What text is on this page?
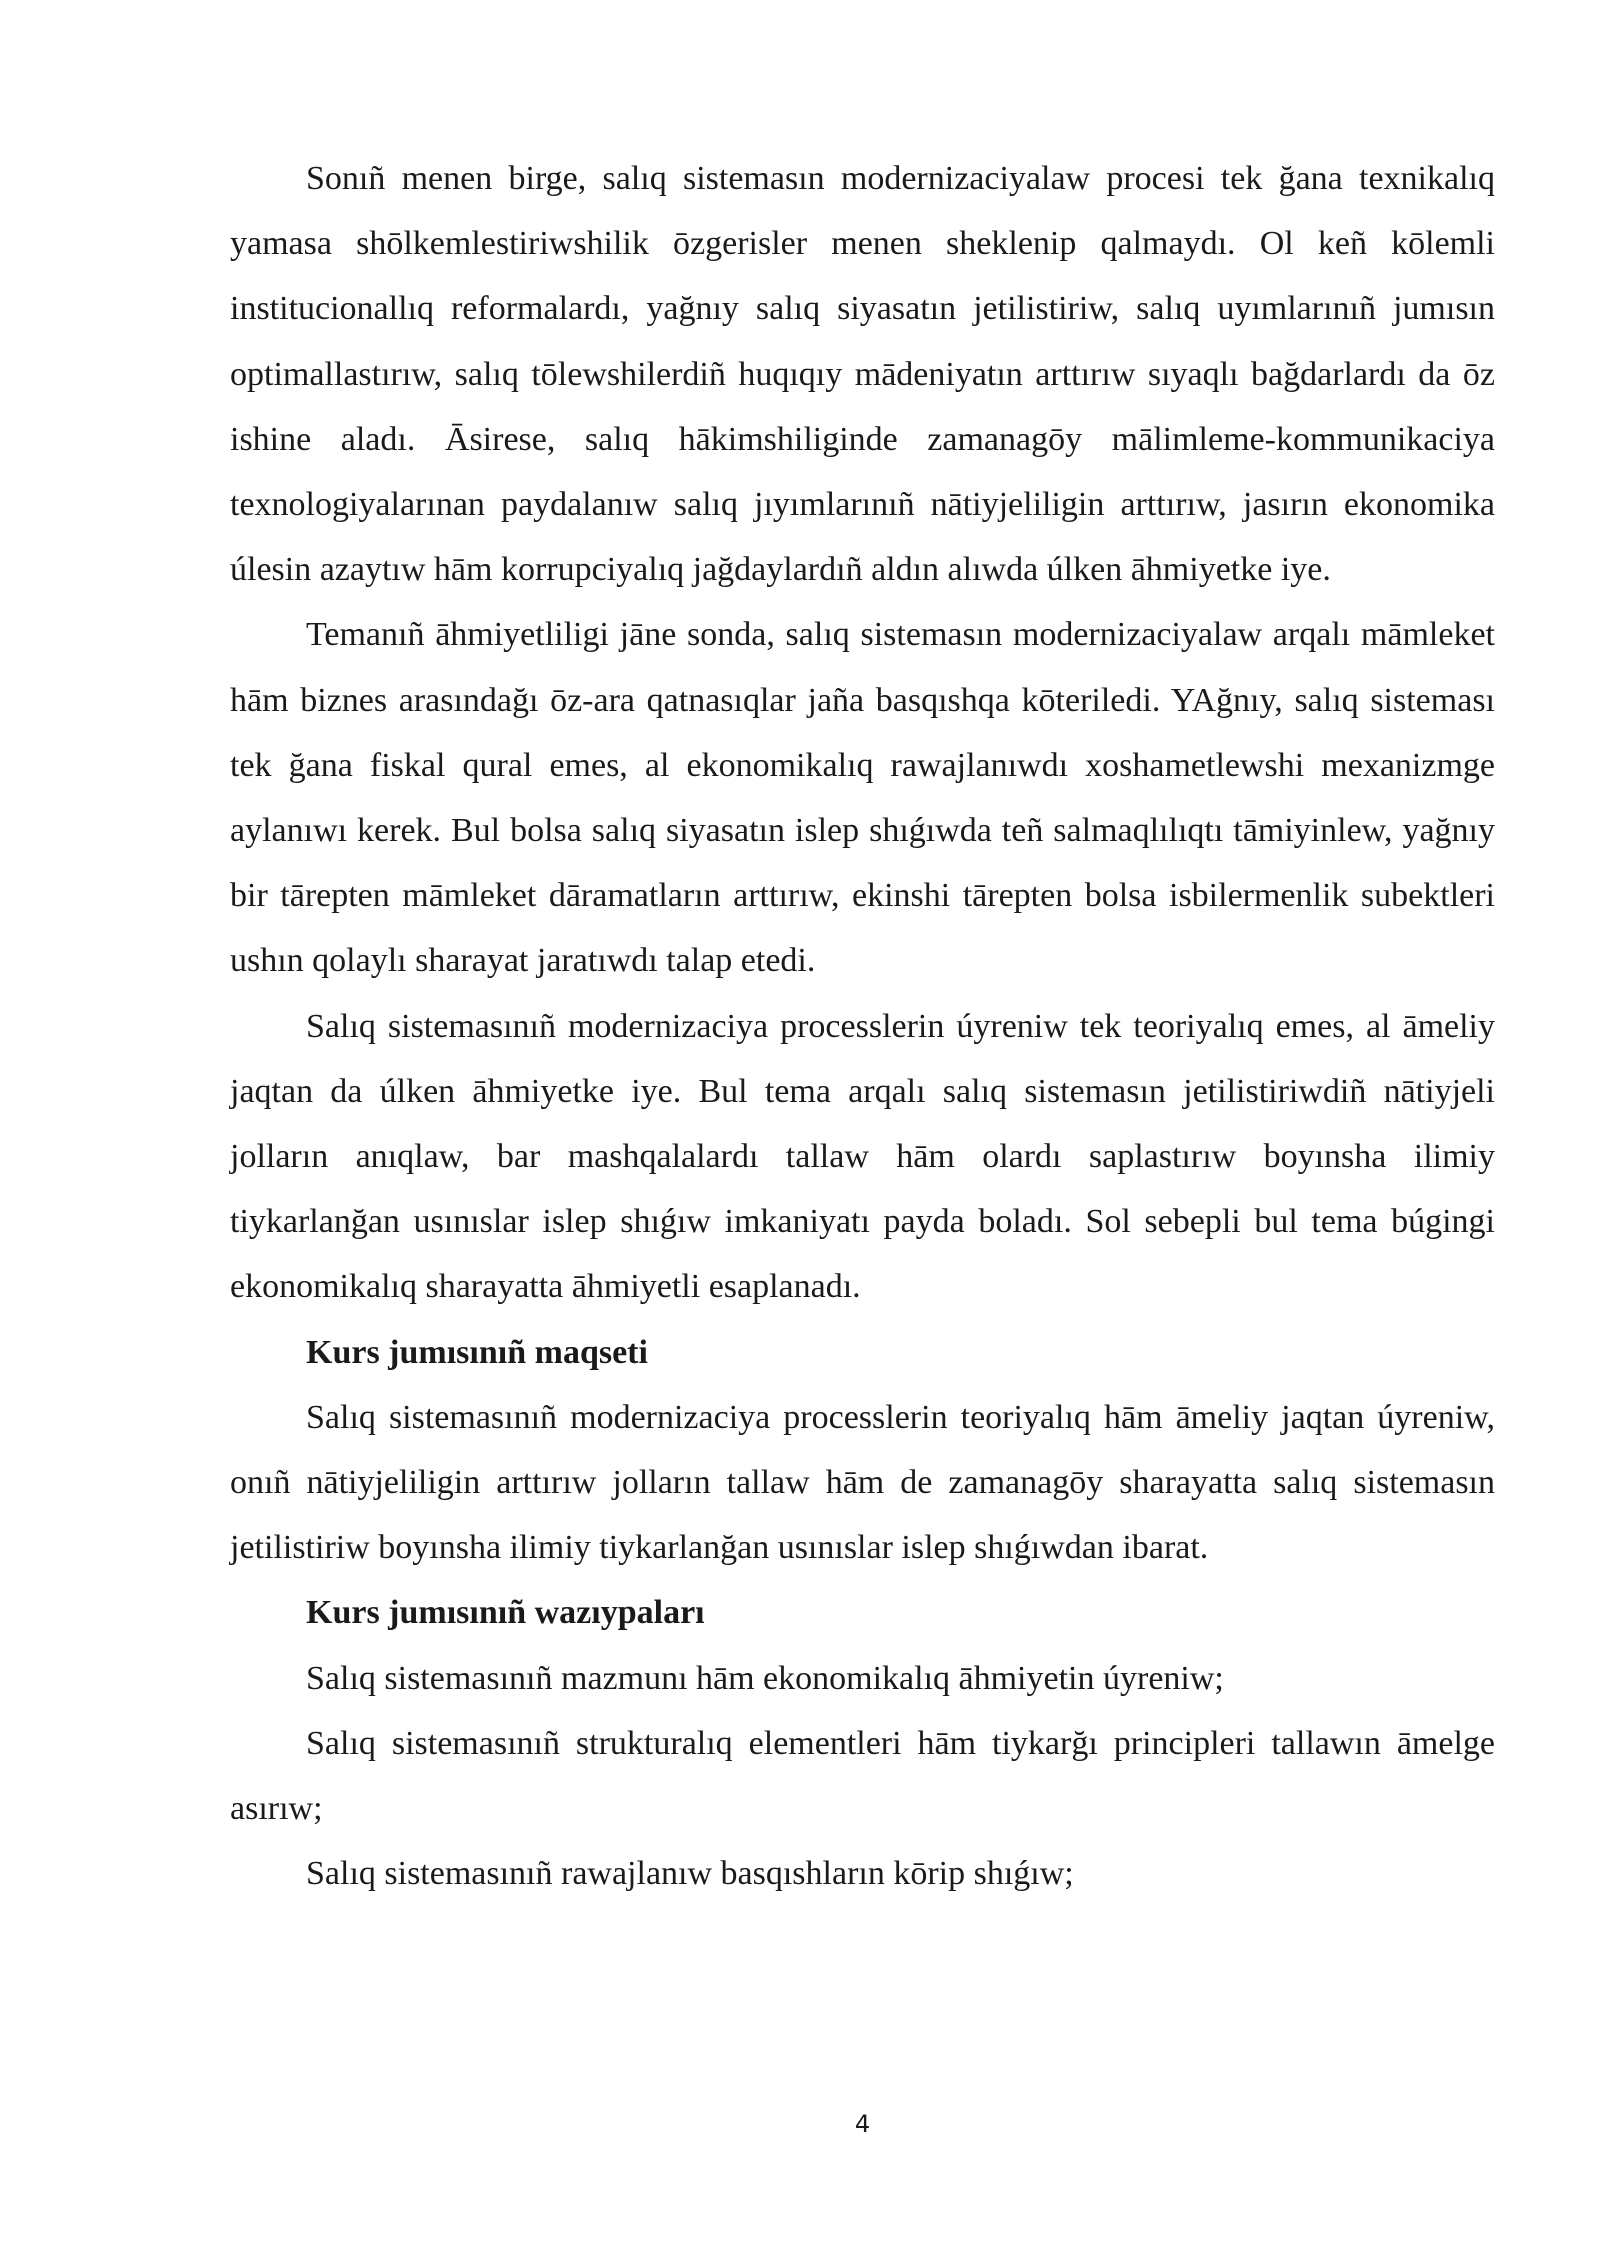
Sonıñ menen birge, salıq sistemasın modernizaciyalaw procesi tek ğana texnikalıq yamasa shōlkemlestiriwshilik ōzgerisler menen sheklenip qalmaydı. Ol keñ kōlemli institucionallıq reformalardı, yağnıy salıq siyasatın jetilistiriw, salıq uyımlarınıñ jumısın optimallastırıw, salıq tōlewshilerdiñ huqıqıy mādeniyatın arttırıw sıyaqlı bağdarlardı da ōz ishine aladı. Āsirese, salıq hākimshiliginde zamanagōy mālimleme-kommunikaciya texnologiyalarınan paydalanıw salıq jıyımlarınıñ nātiyjeliligin arttırıw, jasırın ekonomika úlesin azaytıw hām korrupciyalıq jağdaylardıñ aldın alıwda úlken āhmiyetke iye.

Temanıñ āhmiyetliligi jāne sonda, salıq sistemasın modernizaciyalaw arqalı māmleket hām biznes arasındağı ōz-ara qatnasıqlar jaña basqıshqa kōteriledi. YAğnıy, salıq sisteması tek ğana fiskal qural emes, al ekonomikalıq rawajlanıwdı xoshametlewshi mexanizmge aylanıwı kerek. Bul bolsa salıq siyasatın islep shıǵıwda teñ salmaqlılıqtı tāmiyinlew, yağnıy bir tārepten māmleket dāramatların arttırıw, ekinshi tārepten bolsa isbilermenlik subektleri ushın qolaylı sharayat jaratıwdı talap etedi.

Salıq sistemasınıñ modernizaciya processlerin úyreniw tek teoriyalıq emes, al āmeliy jaqtan da úlken āhmiyetke iye. Bul tema arqalı salıq sistemasın jetilistiriwdiñ nātiyjeli jolların anıqlaw, bar mashqalalardı tallaw hām olardı saplastırıw boyınsha ilimiy tiykarlanğan usınıslar islep shıǵıw imkaniyatı payda boladı. Sol sebepli bul tema búgingi ekonomikalıq sharayatta āhmiyetli esaplanadı.

Kurs jumısınıñ maqseti

Salıq sistemasınıñ modernizaciya processlerin teoriyalıq hām āmeliy jaqtan úyreniw, onıñ nātiyjeliligin arttırıw jolların tallaw hām de zamanagōy sharayatta salıq sistemasın jetilistiriw boyınsha ilimiy tiykarlanğan usınıslar islep shıǵıwdan ibarat.

Kurs jumısınıñ wazıypaları

Salıq sistemasınıñ mazmunı hām ekonomikalıq āhmiyetin úyreniw;

Salıq sistemasınıñ strukturalıq elementleri hām tiykarğı principleri tallawın āmelge asırıw;

Salıq sistemasınıñ rawajlanıw basqıshların kōrip shıǵıw;

4
